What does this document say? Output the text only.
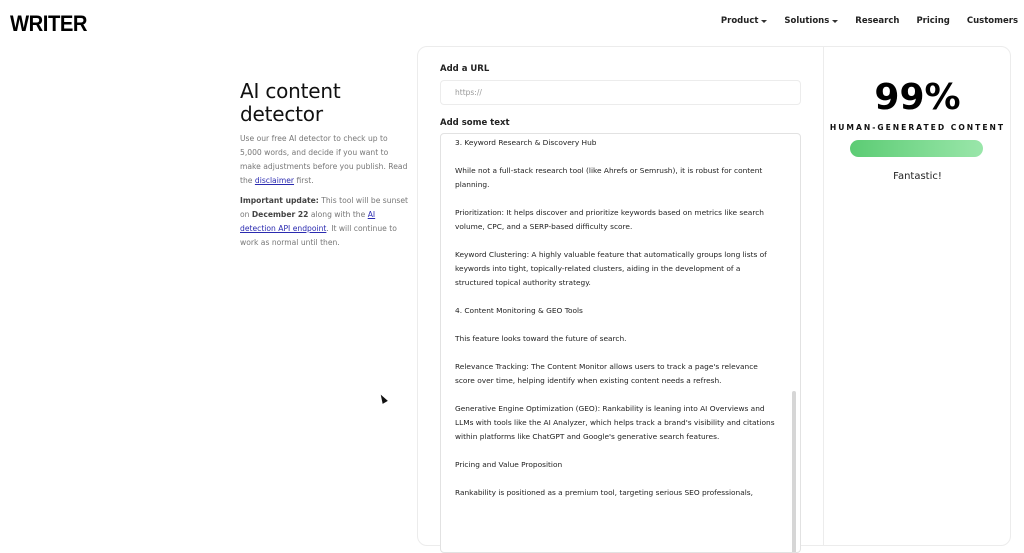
WRITER	Product	Solutions	Research Pricing Customers
AI content
detector

Use our free AI detector to check up to 5,000 words, and decide if you want to make adjustments before you publish. Read the disclaimer first.

Important update: This tool will be sunset on December 22 along with the AI detection API endpoint. It will continue to work as normal until then.

Add a URL
https://
Add some text

3. Keyword Research & Discovery Hub

While not a full-stack research tool (like Ahrefs or Semrush), it is robust for content planning.

Prioritization: It helps discover and prioritize keywords based on metrics like search volume, CPC, and a SERP-based difficulty score.

Keyword Clustering: A highly valuable feature that automatically groups long lists of keywords into tight, topically-related clusters, aiding in the development of a structured topical authority strategy.

4. Content Monitoring & GEO Tools

This feature looks toward the future of search.

Relevance Tracking: The Content Monitor allows users to track a page's relevance score over time, helping identify when existing content needs a refresh.

Generative Engine Optimization (GEO): Rankability is leaning into AI Overviews and LLMs with tools like the AI Analyzer, which helps track a brand's visibility and citations within platforms like ChatGPT and Google's generative search features.

Pricing and Value Proposition

Rankability is positioned as a premium tool, targeting serious SEO professionals,

99%
HUMAN-GENERATED CONTENT
Fantastic!
